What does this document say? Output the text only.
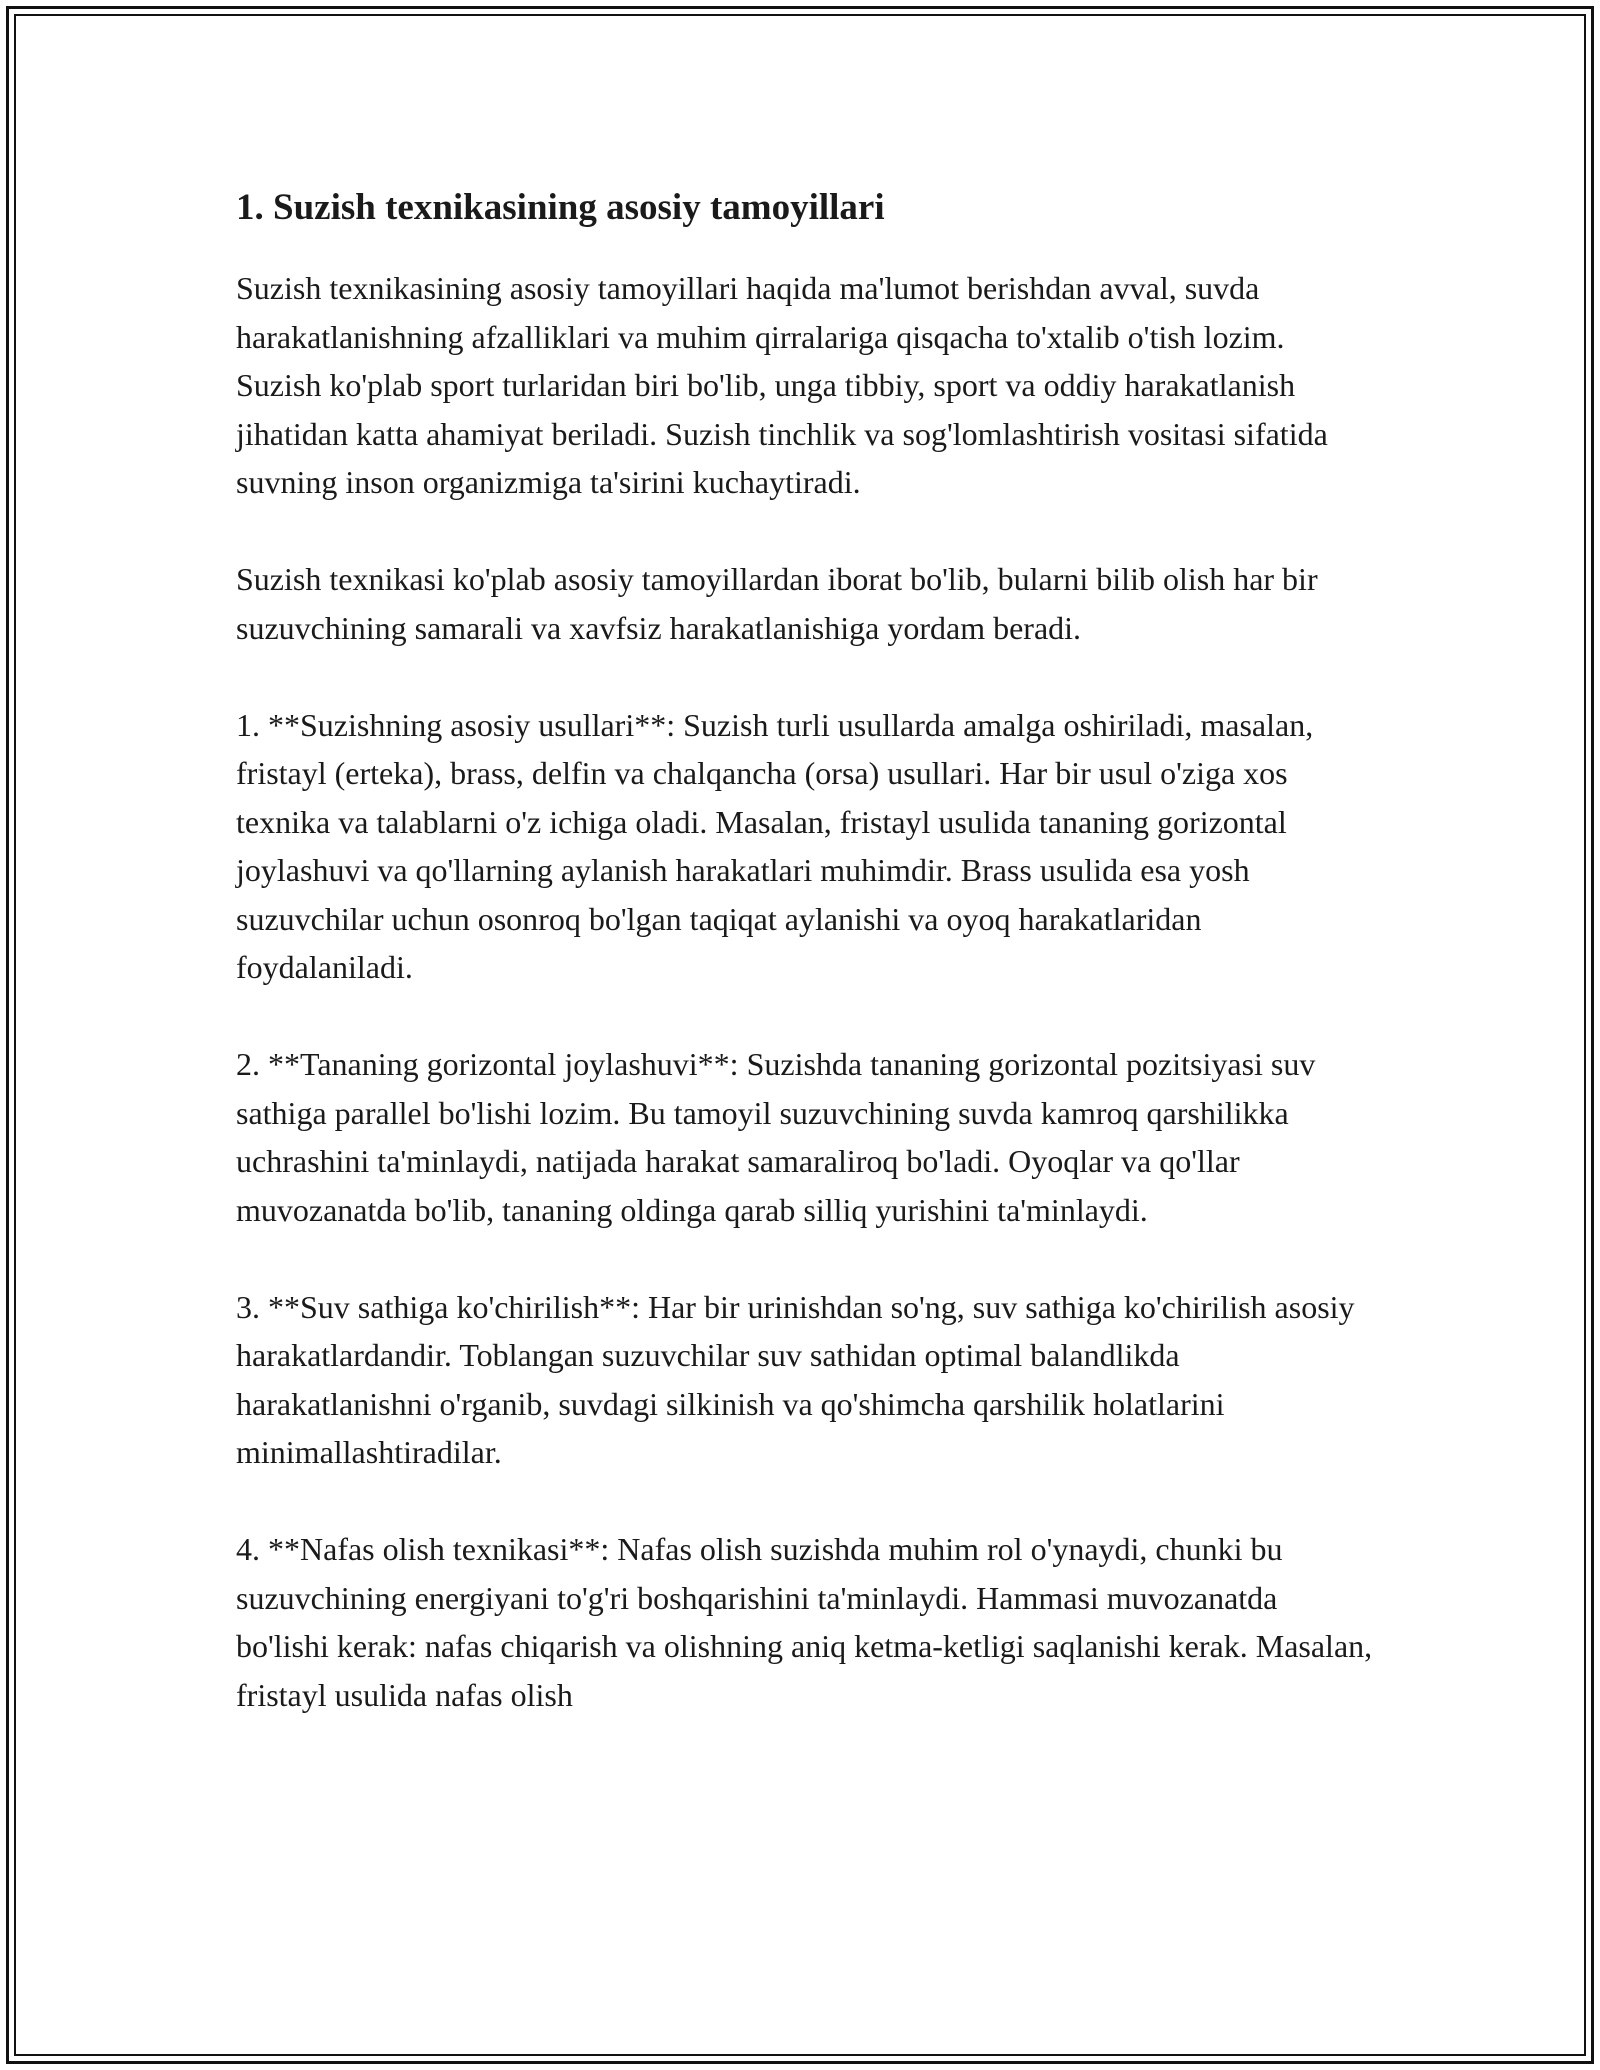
1. Suzish texnikasining asosiy tamoyillari

Suzish texnikasining asosiy tamoyillari haqida ma'lumot berishdan avval, suvda harakatlanishning afzalliklari va muhim qirralariga qisqacha to'xtalib o'tish lozim. Suzish ko'plab sport turlaridan biri bo'lib, unga tibbiy, sport va oddiy harakatlanish jihatidan katta ahamiyat beriladi. Suzish tinchlik va sog'lomlashtirish vositasi sifatida suvning inson organizmiga ta'sirini kuchaytiradi.

Suzish texnikasi ko'plab asosiy tamoyillardan iborat bo'lib, bularni bilib olish har bir suzuvchining samarali va xavfsiz harakatlanishiga yordam beradi.

1. **Suzishning asosiy usullari**: Suzish turli usullarda amalga oshiriladi, masalan, fristayl (erteka), brass, delfin va chalqancha (orsa) usullari. Har bir usul o'ziga xos texnika va talablarni o'z ichiga oladi. Masalan, fristayl usulida tananing gorizontal joylashuvi va qo'llarning aylanish harakatlari muhimdir. Brass usulida esa yosh suzuvchilar uchun osonroq bo'lgan taqiqat aylanishi va oyoq harakatlaridan foydalaniladi.

2. **Tananing gorizontal joylashuvi**: Suzishda tananing gorizontal pozitsiyasi suv sathiga parallel bo'lishi lozim. Bu tamoyil suzuvchining suvda kamroq qarshilikka uchrashini ta'minlaydi, natijada harakat samaraliroq bo'ladi. Oyoqlar va qo'llar muvozanatda bo'lib, tananing oldinga qarab silliq yurishini ta'minlaydi.

3. **Suv sathiga ko'chirilish**: Har bir urinishdan so'ng, suv sathiga ko'chirilish asosiy harakatlardandir. Toblangan suzuvchilar suv sathidan optimal balandlikda harakatlanishni o'rganib, suvdagi silkinish va qo'shimcha qarshilik holatlarini minimallashtiradilar.

4. **Nafas olish texnikasi**: Nafas olish suzishda muhim rol o'ynaydi, chunki bu suzuvchining energiyani to'g'ri boshqarishini ta'minlaydi. Hammasi muvozanatda bo'lishi kerak: nafas chiqarish va olishning aniq ketma-ketligi saqlanishi kerak. Masalan, fristayl usulida nafas olish
